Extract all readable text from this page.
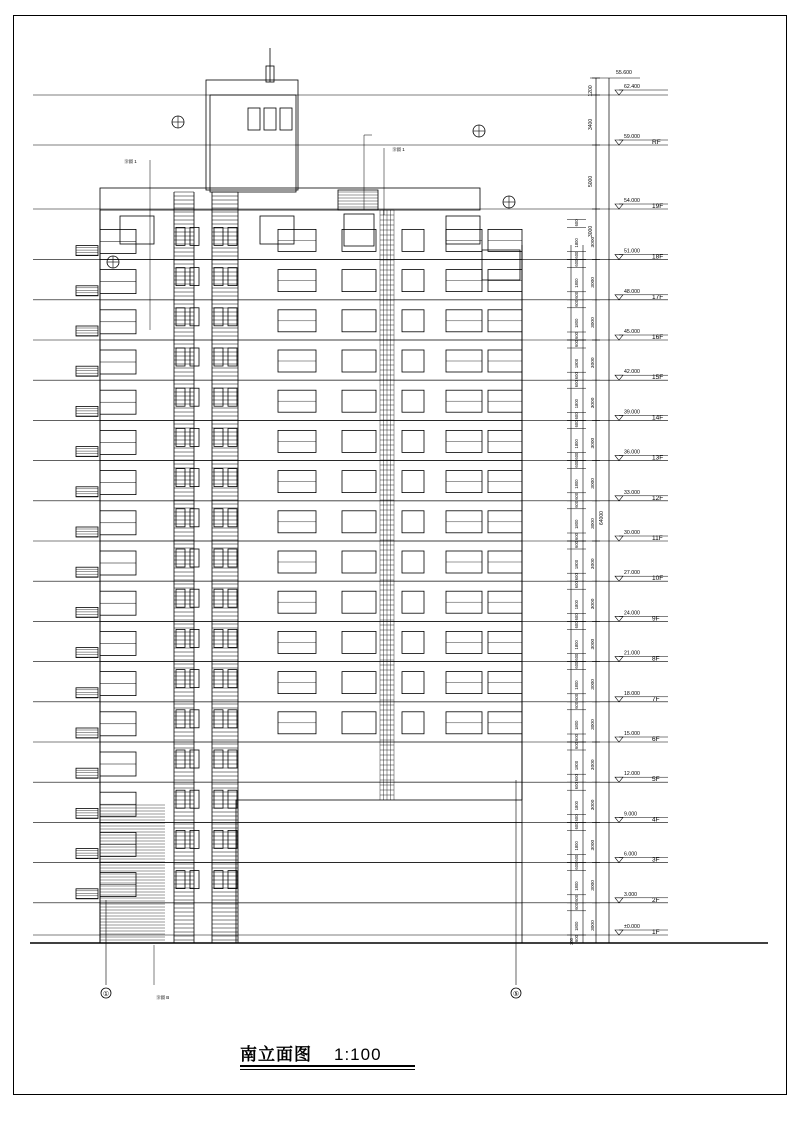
62.400
59.000
RF
54.000
19F
51.000
18F
48.000
17F
45.000
16F
42.000
15F
39.000
14F
36.000
13F
33.000
12F
30.000
11F
27.000
10F
24.000
9F
21.000
8F
18.000
7F
15.000
6F
12.000
5F
9.000
4F
6.000
3F
3.000
2F
±0.000
1F
55.600
1200
3400
5000
3000
3000
600
1800
600
3000
600
1800
600
3000
600
1800
600
3000
600
1800
600
3000
600
1800
600
3000
600
1800
600
3000
600
1800
600
3000
600
1800
600
3000
600
1800
600
3000
600
1800
600
3000
600
1800
600
3000
600
1800
600
3000
600
1800
600
3000
600
1800
600
3000
600
1800
600
3000
600
1800
600
3000
600
1800
600
3000
600
1800
600
64000
300
①	⑤
亲疆 1
亲疆 1
亲疆 B
南立面图 1:100
